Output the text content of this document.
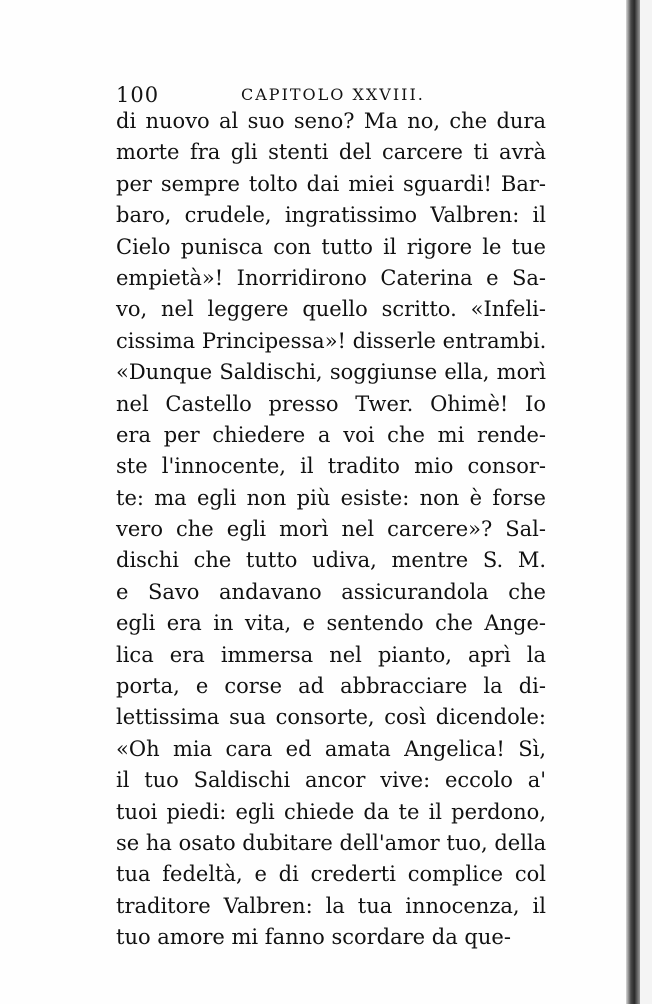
100	CAPITOLO XXVIII.
di nuovo al suo seno? Ma no, che dura
morte fra gli stenti del carcere ti avrà
per sempre tolto dai miei sguardi! Bar-
baro, crudele, ingratissimo Valbren: il
Cielo punisca con tutto il rigore le tue
empietà»! Inorridirono Caterina e Sa-
vo, nel leggere quello scritto. «Infeli-
cissima Principessa»! disserle entrambi.
«Dunque Saldischi, soggiunse ella, morì
nel Castello presso Twer. Ohimè! Io
era per chiedere a voi che mi rende-
ste l'innocente, il tradito mio consor-
te: ma egli non più esiste: non è forse
vero che egli morì nel carcere»? Sal-
dischi che tutto udiva, mentre S. M.
e Savo andavano assicurandola che
egli era in vita, e sentendo che Ange-
lica era immersa nel pianto, aprì la
porta, e corse ad abbracciare la di-
lettissima sua consorte, così dicendole:
«Oh mia cara ed amata Angelica! Sì,
il tuo Saldischi ancor vive: eccolo a'
tuoi piedi: egli chiede da te il perdono,
se ha osato dubitare dell'amor tuo, della
tua fedeltà, e di crederti complice col
traditore Valbren: la tua innocenza, il
tuo amore mi fanno scordare da que-
